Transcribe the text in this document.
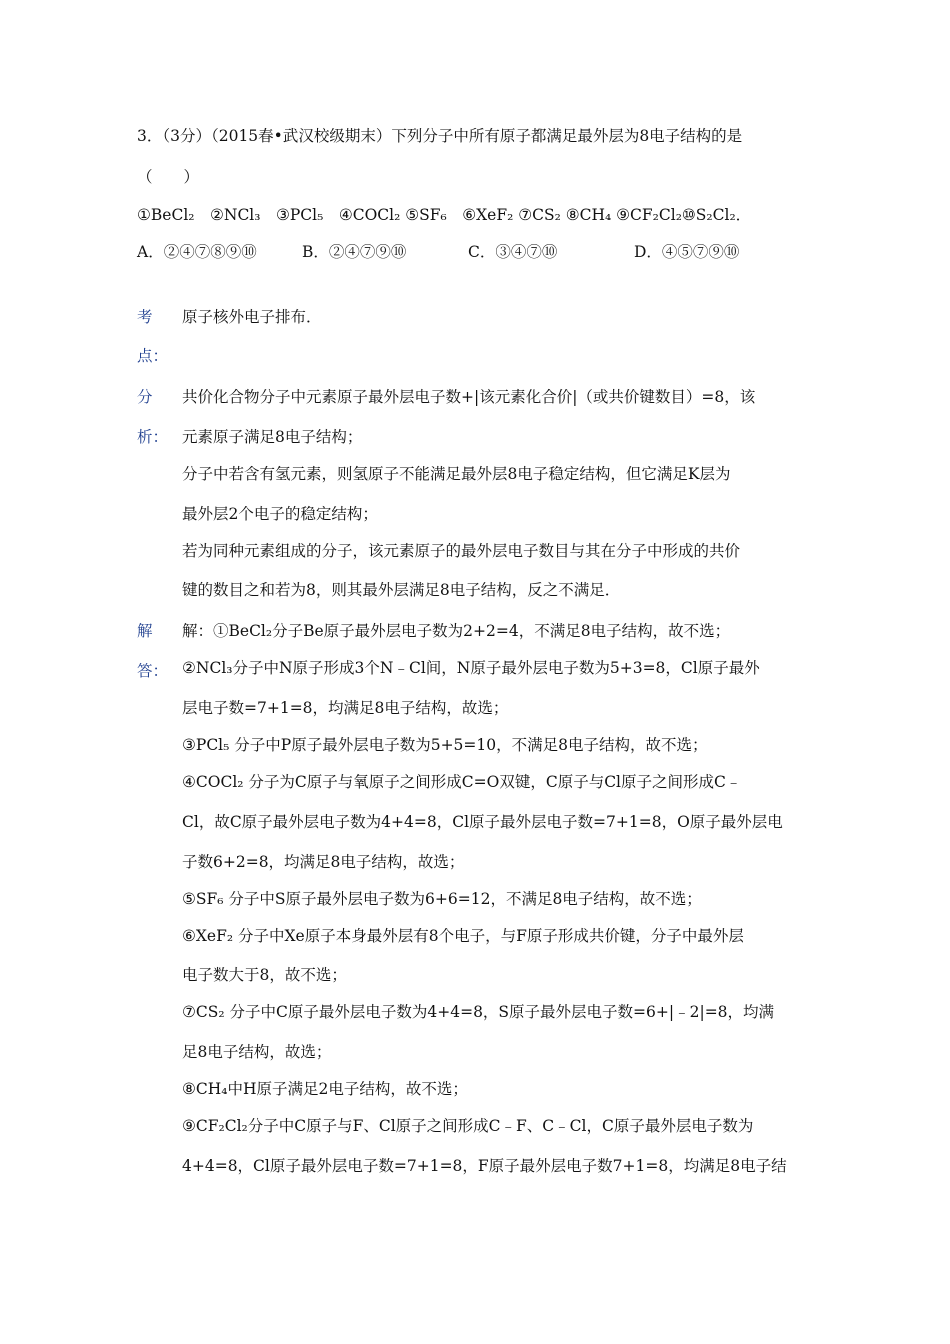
3．（3分）（2015春•武汉校级期末）下列分子中所有原子都满足最外层为8电子结构的是
（　　）
①BeCl₂　②NCl₃　③PCl₅　④COCl₂ ⑤SF₆　⑥XeF₂ ⑦CS₂ ⑧CH₄ ⑨CF₂Cl₂⑩S₂Cl₂．
A．②④⑦⑧⑨⑩	B．②④⑦⑨⑩	C．③④⑦⑩	D．④⑤⑦⑨⑩
考
点：
原子核外电子排布．
分
析：
共价化合物分子中元素原子最外层电子数+|该元素化合价|（或共价键数目）=8，该
元素原子满足8电子结构；
分子中若含有氢元素，则氢原子不能满足最外层8电子稳定结构，但它满足K层为
最外层2个电子的稳定结构；
若为同种元素组成的分子，该元素原子的最外层电子数目与其在分子中形成的共价
键的数目之和若为8，则其最外层满足8电子结构，反之不满足．
解
答：
解：①BeCl₂分子Be原子最外层电子数为2+2=4，不满足8电子结构，故不选；
②NCl₃分子中N原子形成3个N﹣Cl间，N原子最外层电子数为5+3=8，Cl原子最外
层电子数=7+1=8，均满足8电子结构，故选；
③PCl₅ 分子中P原子最外层电子数为5+5=10，不满足8电子结构，故不选；
④COCl₂ 分子为C原子与氧原子之间形成C=O双键，C原子与Cl原子之间形成C﹣
Cl，故C原子最外层电子数为4+4=8，Cl原子最外层电子数=7+1=8，O原子最外层电
子数6+2=8，均满足8电子结构，故选；
⑤SF₆ 分子中S原子最外层电子数为6+6=12，不满足8电子结构，故不选；
⑥XeF₂ 分子中Xe原子本身最外层有8个电子，与F原子形成共价键，分子中最外层
电子数大于8，故不选；
⑦CS₂ 分子中C原子最外层电子数为4+4=8，S原子最外层电子数=6+|﹣2|=8，均满
足8电子结构，故选；
⑧CH₄中H原子满足2电子结构，故不选；
⑨CF₂Cl₂分子中C原子与F、Cl原子之间形成C﹣F、C﹣Cl，C原子最外层电子数为
4+4=8，Cl原子最外层电子数=7+1=8，F原子最外层电子数7+1=8，均满足8电子结
